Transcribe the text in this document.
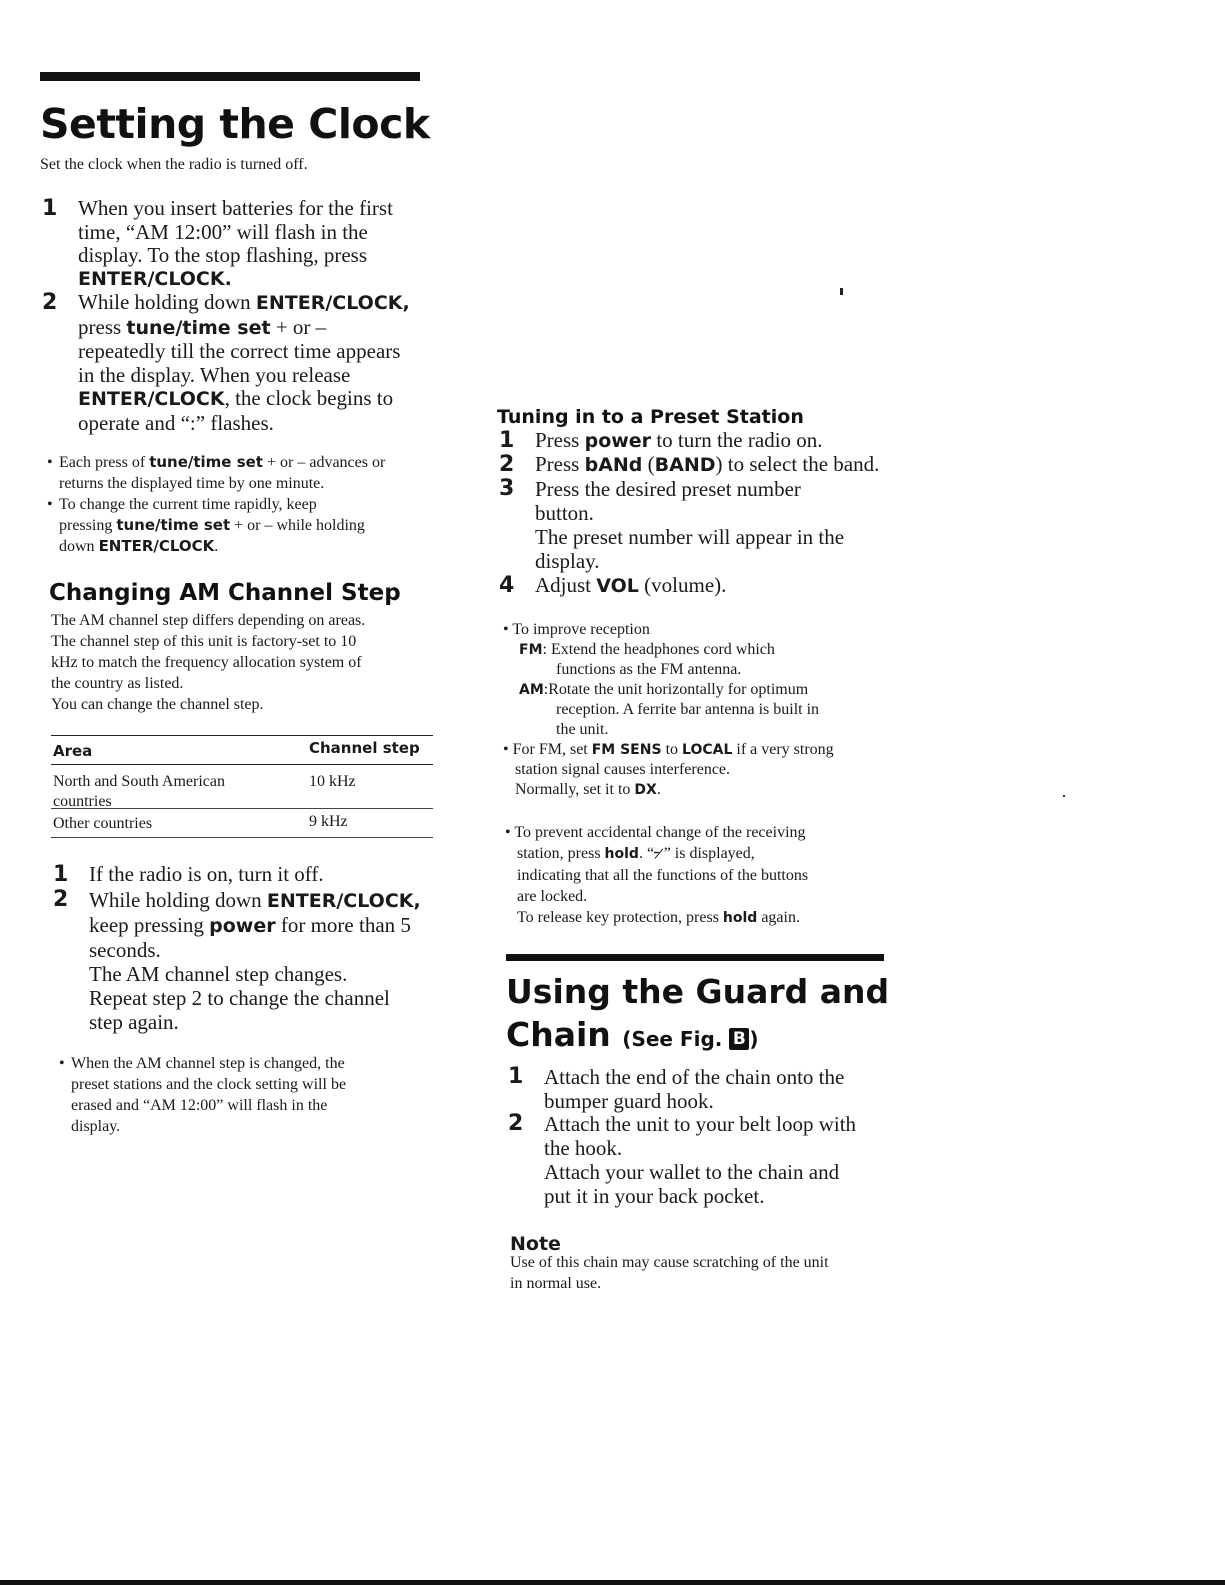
Setting the Clock
Set the clock when the radio is turned off.
1 When you insert batteries for the first
time, “AM 12:00” will flash in the
display. To the stop flashing, press
ENTER/CLOCK.
2 While holding down ENTER/CLOCK,
press tune/time set + or –
repeatedly till the correct time appears
in the display. When you release
ENTER/CLOCK, the clock begins to
operate and “:” flashes.
• Each press of tune/time set + or – advances or
returns the displayed time by one minute.
• To change the current time rapidly, keep
pressing tune/time set + or – while holding
down ENTER/CLOCK.
Changing AM Channel Step
The AM channel step differs depending on areas.
The channel step of this unit is factory-set to 10
kHz to match the frequency allocation system of
the country as listed.
You can change the channel step.
Area	Channel step
North and South American
countries
10 kHz
Other countries	9 kHz
1 If the radio is on, turn it off.
2 While holding down ENTER/CLOCK,
keep pressing power for more than 5
seconds.
The AM channel step changes.
Repeat step 2 to change the channel
step again.
• When the AM channel step is changed, the
preset stations and the clock setting will be
erased and “AM 12:00” will flash in the
display.
Tuning in to a Preset Station
1 Press power to turn the radio on.
2 Press bANd (BAND) to select the band.
3 Press the desired preset number
button.
The preset number will appear in the
display.
4 Adjust VOL (volume).
• To improve reception
FM: Extend the headphones cord which
functions as the FM antenna.
AM:Rotate the unit horizontally for optimum
reception. A ferrite bar antenna is built in
the unit.
• For FM, set FM SENS to LOCAL if a very strong
station signal causes interference.
Normally, set it to DX.
• To prevent accidental change of the receiving
station, press hold. “╴̷” is displayed,
indicating that all the functions of the buttons
are locked.
To release key protection, press hold again.
Using the Guard and
Chain (See Fig. B )
1 Attach the end of the chain onto the
bumper guard hook.
2 Attach the unit to your belt loop with
the hook.
Attach your wallet to the chain and
put it in your back pocket.
Note
Use of this chain may cause scratching of the unit
in normal use.
